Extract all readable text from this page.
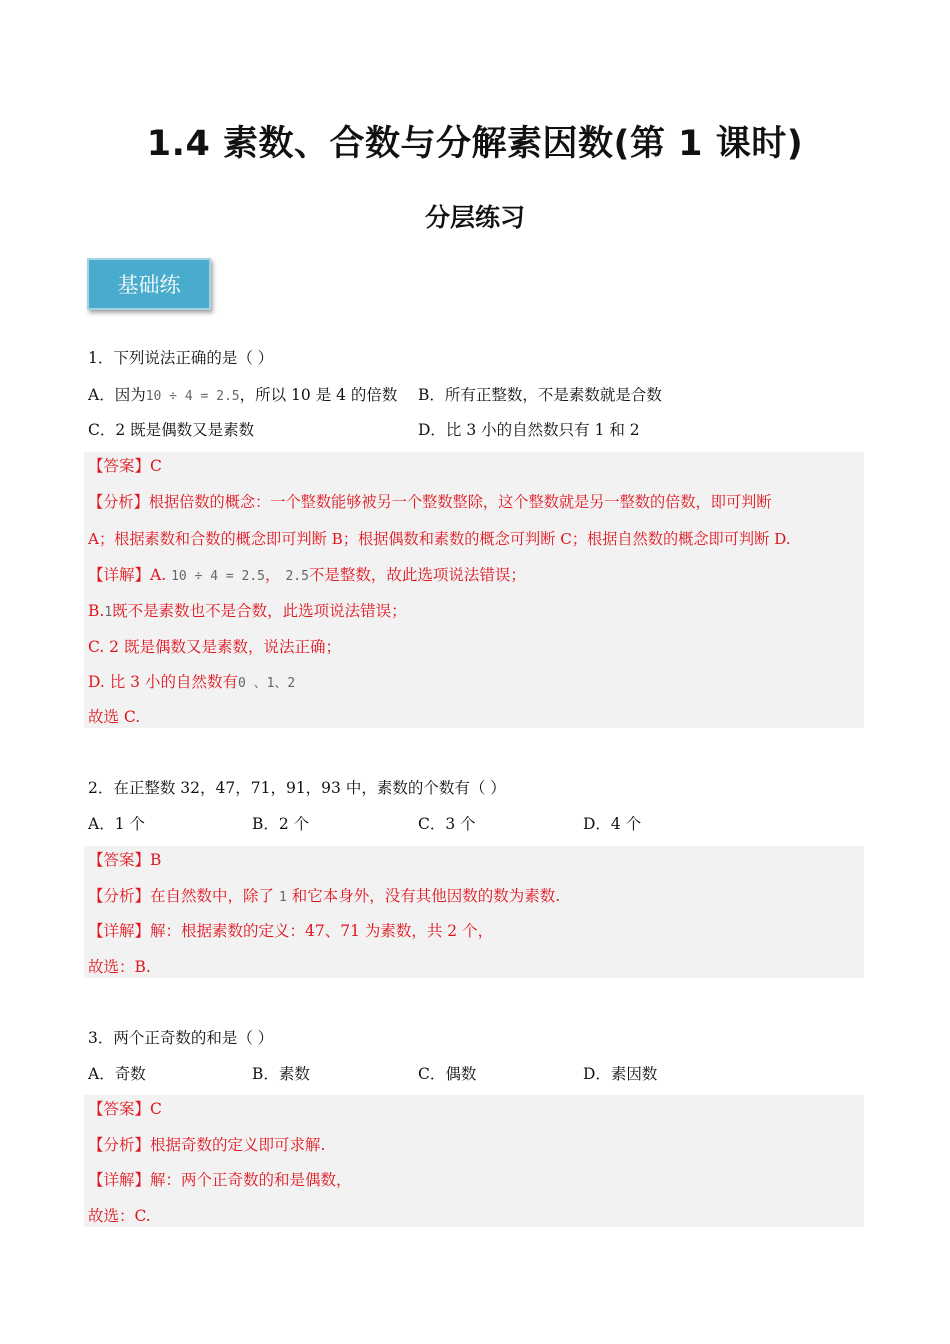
1.4 素数、合数与分解素因数(第 1 课时)
分层练习
基础练
1．下列说法正确的是（ ）
A．因为10 ÷ 4 = 2.5，所以 10 是 4 的倍数 B．所有正整数，不是素数就是合数
C．2 既是偶数又是素数	D．比 3 小的自然数只有 1 和 2
【答案】C
【分析】根据倍数的概念：一个整数能够被另一个整数整除，这个整数就是另一整数的倍数，即可判断
A；根据素数和合数的概念即可判断 B；根据偶数和素数的概念可判断 C；根据自然数的概念即可判断 D.
【详解】A. 10 ÷ 4 = 2.5， 2.5不是整数，故此选项说法错误；
B.1既不是素数也不是合数，此选项说法错误；
C. 2 既是偶数又是素数，说法正确；
D. 比 3 小的自然数有0 、1、2
故选 C.
2．在正整数 32，47，71，91，93 中，素数的个数有（ ）
A．1 个	B．2 个	C．3 个	D．4 个
【答案】B
【分析】在自然数中，除了 1 和它本身外，没有其他因数的数为素数.
【详解】解：根据素数的定义：47、71 为素数，共 2 个，
故选：B.
3．两个正奇数的和是（ ）
A．奇数	B．素数	C．偶数	D．素因数
【答案】C
【分析】根据奇数的定义即可求解.
【详解】解：两个正奇数的和是偶数，
故选：C.
